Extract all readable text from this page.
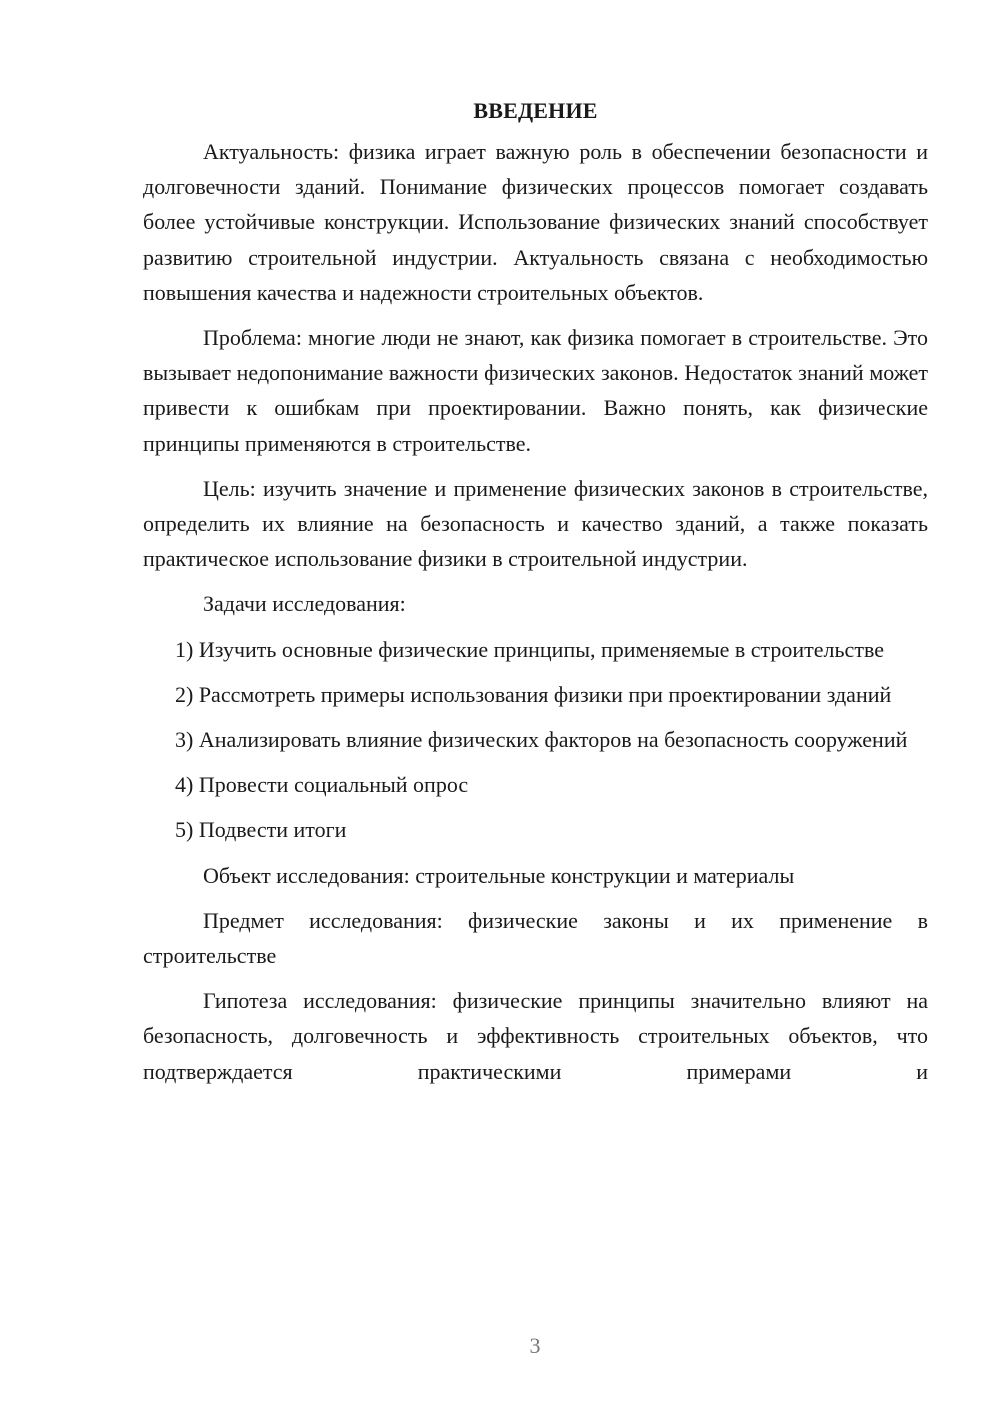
ВВЕДЕНИЕ

Актуальность: физика играет важную роль в обеспечении безопасности и долговечности зданий. Понимание физических процессов помогает создавать более устойчивые конструкции. Использование физических знаний способствует развитию строительной индустрии. Актуальность связана с необходимостью повышения качества и надежности строительных объектов.

Проблема: многие люди не знают, как физика помогает в строительстве. Это вызывает недопонимание важности физических законов. Недостаток знаний может привести к ошибкам при проектировании. Важно понять, как физические принципы применяются в строительстве.

Цель: изучить значение и применение физических законов в строительстве, определить их влияние на безопасность и качество зданий, а также показать практическое использование физики в строительной индустрии.

Задачи исследования:

1) Изучить основные физические принципы, применяемые в строительстве

2) Рассмотреть примеры использования физики при проектировании зданий

3) Анализировать влияние физических факторов на безопасность сооружений

4) Провести социальный опрос

5) Подвести итоги

Объект исследования: строительные конструкции и материалы

Предмет исследования: физические законы и их применение в строительстве

Гипотеза исследования: физические принципы значительно влияют на безопасность, долговечность и эффективность строительных объектов, что подтверждается практическими примерами и

3
